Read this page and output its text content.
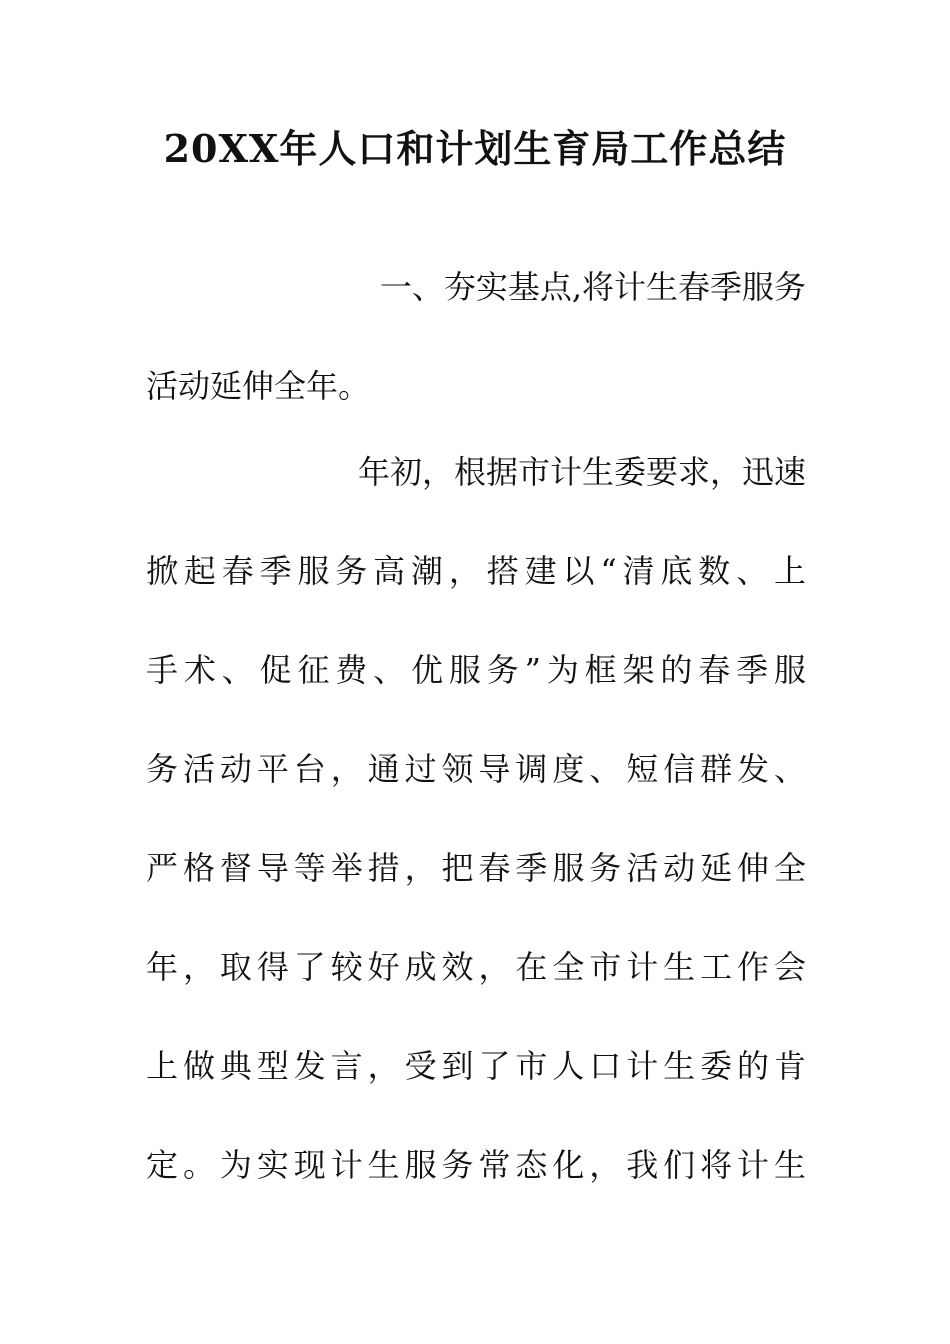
20XX年人口和计划生育局工作总结
一、夯实基点,将计生春季服务
活动延伸全年。
年初，根据市计生委要求，迅速
掀起春季服务高潮，搭建以“清底数、上
手术、促征费、优服务”为框架的春季服
务活动平台，通过领导调度、短信群发、
严格督导等举措，把春季服务活动延伸全
年，取得了较好成效，在全市计生工作会
上做典型发言，受到了市人口计生委的肯
定。为实现计生服务常态化，我们将计生
